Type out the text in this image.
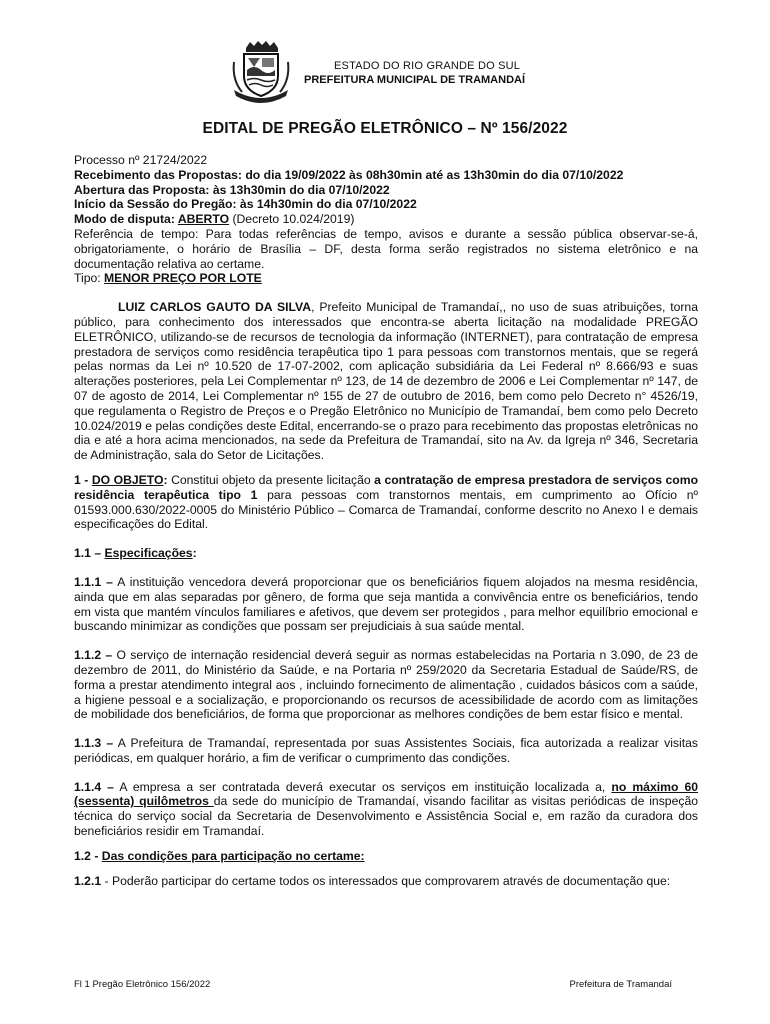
ESTADO DO RIO GRANDE DO SUL
PREFEITURA MUNICIPAL DE TRAMANDAÍ
EDITAL DE PREGÃO ELETRÔNICO – Nº 156/2022
Processo nº 21724/2022
Recebimento das Propostas: do dia 19/09/2022 às 08h30min até as 13h30min do dia 07/10/2022
Abertura das Proposta: às 13h30min do dia 07/10/2022
Início da Sessão do Pregão: às 14h30min do dia 07/10/2022
Modo de disputa: ABERTO (Decreto 10.024/2019)

Referência de tempo: Para todas referências de tempo, avisos e durante a sessão pública observar-se-á, obrigatoriamente, o horário de Brasília – DF, desta forma serão registrados no sistema eletrônico e na documentação relativa ao certame.

Tipo: MENOR PREÇO POR LOTE

LUIZ CARLOS GAUTO DA SILVA, Prefeito Municipal de Tramandaí,, no uso de suas atribuições, torna público, para conhecimento dos interessados que encontra-se aberta licitação na modalidade PREGÃO ELETRÔNICO, utilizando-se de recursos de tecnologia da informação (INTERNET), para contratação de empresa prestadora de serviços como residência terapêutica tipo 1 para pessoas com transtornos mentais, que se regerá pelas normas da Lei nº 10.520 de 17-07-2002, com aplicação subsidiária da Lei Federal nº 8.666/93 e suas alterações posteriores, pela Lei Complementar nº 123, de 14 de dezembro de 2006 e Lei Complementar nº 147, de 07 de agosto de 2014, Lei Complementar nº 155 de 27 de outubro de 2016, bem como pelo Decreto n° 4526/19, que regulamenta o Registro de Preços e o Pregão Eletrônico no Município de Tramandaí, bem como pelo Decreto 10.024/2019 e pelas condições deste Edital, encerrando-se o prazo para recebimento das propostas eletrônicas no dia e até a hora acima mencionados, na sede da Prefeitura de Tramandaí, sito na Av. da Igreja nº 346, Secretaria de Administração, sala do Setor de Licitações.

1 - DO OBJETO: Constitui objeto da presente licitação a contratação de empresa prestadora de serviços como residência terapêutica tipo 1 para pessoas com transtornos mentais, em cumprimento ao Ofício nº 01593.000.630/2022-0005 do Ministério Público – Comarca de Tramandaí, conforme descrito no Anexo I e demais especificações do Edital.

1.1 – Especificações:

1.1.1 – A instituição vencedora deverá proporcionar que os beneficiários fiquem alojados na mesma residência, ainda que em alas separadas por gênero, de forma que seja mantida a convivência entre os beneficiários, tendo em vista que mantém vínculos familiares e afetivos, que devem ser protegidos , para melhor equilíbrio emocional e buscando minimizar as condições que possam ser prejudiciais à sua saúde mental.

1.1.2 – O serviço de internação residencial deverá seguir as normas estabelecidas na Portaria n 3.090, de 23 de dezembro de 2011, do Ministério da Saúde, e na Portaria nº 259/2020 da Secretaria Estadual de Saúde/RS, de forma a prestar atendimento integral aos , incluindo fornecimento de alimentação , cuidados básicos com a saúde, a higiene pessoal e a socialização, e proporcionando os recursos de acessibilidade de acordo com as limitações de mobilidade dos beneficiários, de forma que proporcionar as melhores condições de bem estar físico e mental.

1.1.3 – A Prefeitura de Tramandaí, representada por suas Assistentes Sociais, fica autorizada a realizar visitas periódicas, em qualquer horário, a fim de verificar o cumprimento das condições.

1.1.4 – A empresa a ser contratada deverá executar os serviços em instituição localizada a, no máximo 60 (sessenta) quilômetros da sede do município de Tramandaí, visando facilitar as visitas periódicas de inspeção técnica do serviço social da Secretaria de Desenvolvimento e Assistência Social e, em razão da curadora dos beneficiários residir em Tramandaí.

1.2 - Das condições para participação no certame:

1.2.1 - Poderão participar do certame todos os interessados que comprovarem através de documentação que:

Fl 1 Pregão Eletrônico 156/2022	Prefeitura de Tramandaí
